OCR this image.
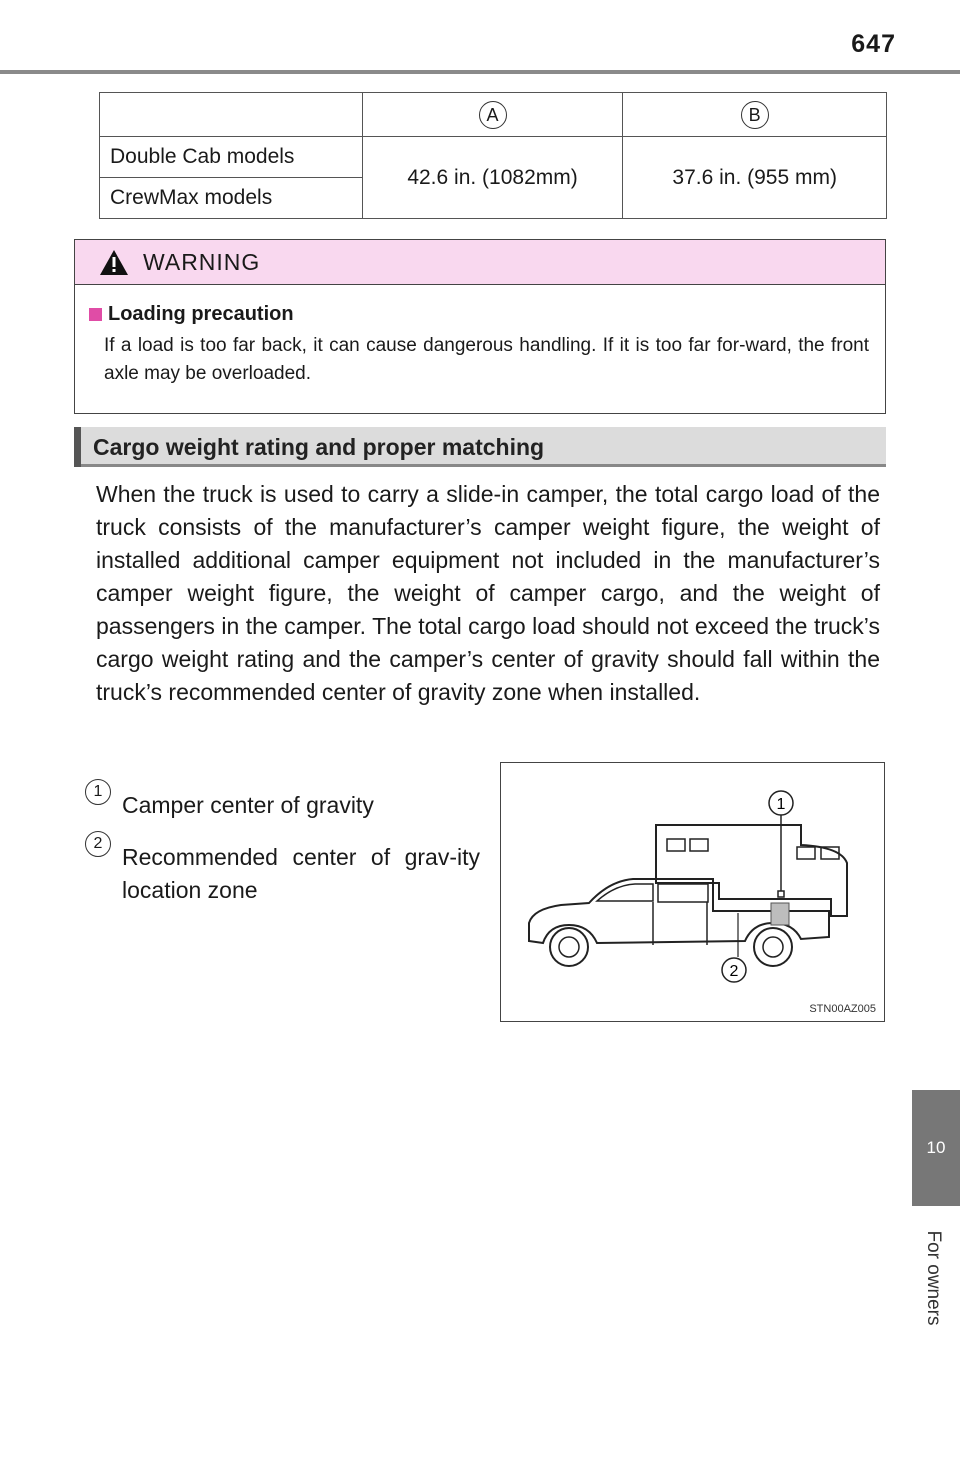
647
	A	B
Double Cab models	42.6 in. (1082mm)	37.6 in. (955 mm)
CrewMax models		
WARNING
Loading precaution

If a load is too far back, it can cause dangerous handling. If it is too far for-ward, the front axle may be overloaded.

Cargo weight rating and proper matching

When the truck is used to carry a slide-in camper, the total cargo load of the truck consists of the manufacturer’s camper weight figure, the weight of installed additional camper equipment not included in the manufacturer’s camper weight figure, the weight of camper cargo, and the weight of passengers in the camper. The total cargo load should not exceed the truck’s cargo weight rating and the camper’s center of gravity should fall within the truck’s recommended center of gravity zone when installed.

1
Camper center of gravity
2
Recommended center of grav-ity location zone
1
2
STN00AZ005
10
For owners
